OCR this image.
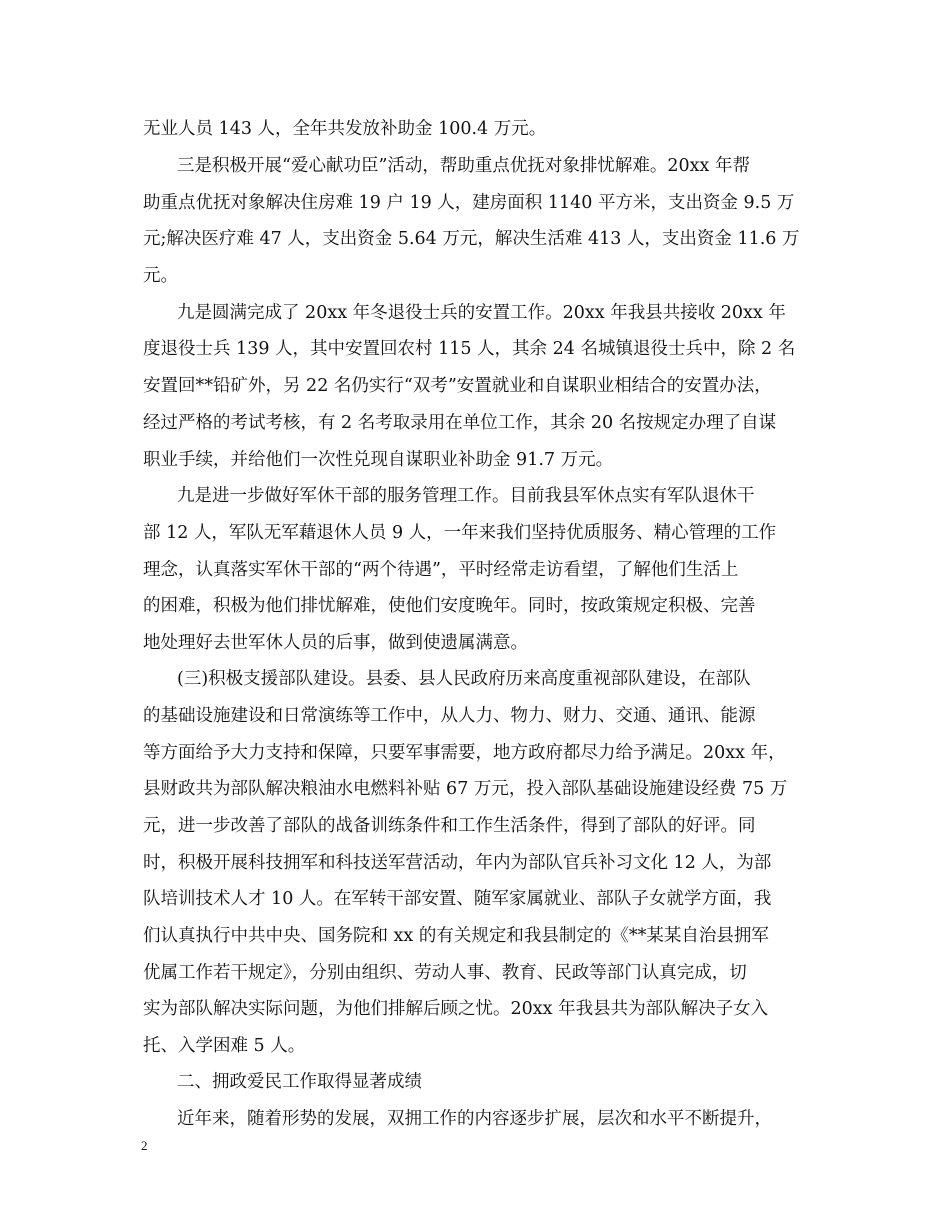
无业人员 143 人，全年共发放补助金 100.4 万元。
三是积极开展“爱心献功臣”活动，帮助重点优抚对象排忧解难。20xx 年帮
助重点优抚对象解决住房难 19 户 19 人，建房面积 1140 平方米，支出资金 9.5 万
元;解决医疗难 47 人，支出资金 5.64 万元，解决生活难 413 人，支出资金 11.6 万
元。
九是圆满完成了 20xx 年冬退役士兵的安置工作。20xx 年我县共接收 20xx 年
度退役士兵 139 人，其中安置回农村 115 人，其余 24 名城镇退役士兵中，除 2 名
安置回**铅矿外，另 22 名仍实行“双考”安置就业和自谋职业相结合的安置办法，
经过严格的考试考核，有 2 名考取录用在单位工作，其余 20 名按规定办理了自谋
职业手续，并给他们一次性兑现自谋职业补助金 91.7 万元。
九是进一步做好军休干部的服务管理工作。目前我县军休点实有军队退休干
部 12 人，军队无军藉退休人员 9 人，一年来我们坚持优质服务、精心管理的工作
理念，认真落实军休干部的“两个待遇”，平时经常走访看望，了解他们生活上
的困难，积极为他们排忧解难，使他们安度晚年。同时，按政策规定积极、完善
地处理好去世军休人员的后事，做到使遗属满意。
(三)积极支援部队建设。县委、县人民政府历来高度重视部队建设，在部队
的基础设施建设和日常演练等工作中，从人力、物力、财力、交通、通讯、能源
等方面给予大力支持和保障，只要军事需要，地方政府都尽力给予满足。20xx 年，
县财政共为部队解决粮油水电燃料补贴 67 万元，投入部队基础设施建设经费 75 万
元，进一步改善了部队的战备训练条件和工作生活条件，得到了部队的好评。同
时，积极开展科技拥军和科技送军营活动，年内为部队官兵补习文化 12 人，为部
队培训技术人才 10 人。在军转干部安置、随军家属就业、部队子女就学方面，我
们认真执行中共中央、国务院和 xx 的有关规定和我县制定的《**某某自治县拥军
优属工作若干规定》，分别由组织、劳动人事、教育、民政等部门认真完成，切
实为部队解决实际问题，为他们排解后顾之忧。20xx 年我县共为部队解决子女入
托、入学困难 5 人。
二、拥政爱民工作取得显著成绩
近年来，随着形势的发展，双拥工作的内容逐步扩展，层次和水平不断提升，
2
